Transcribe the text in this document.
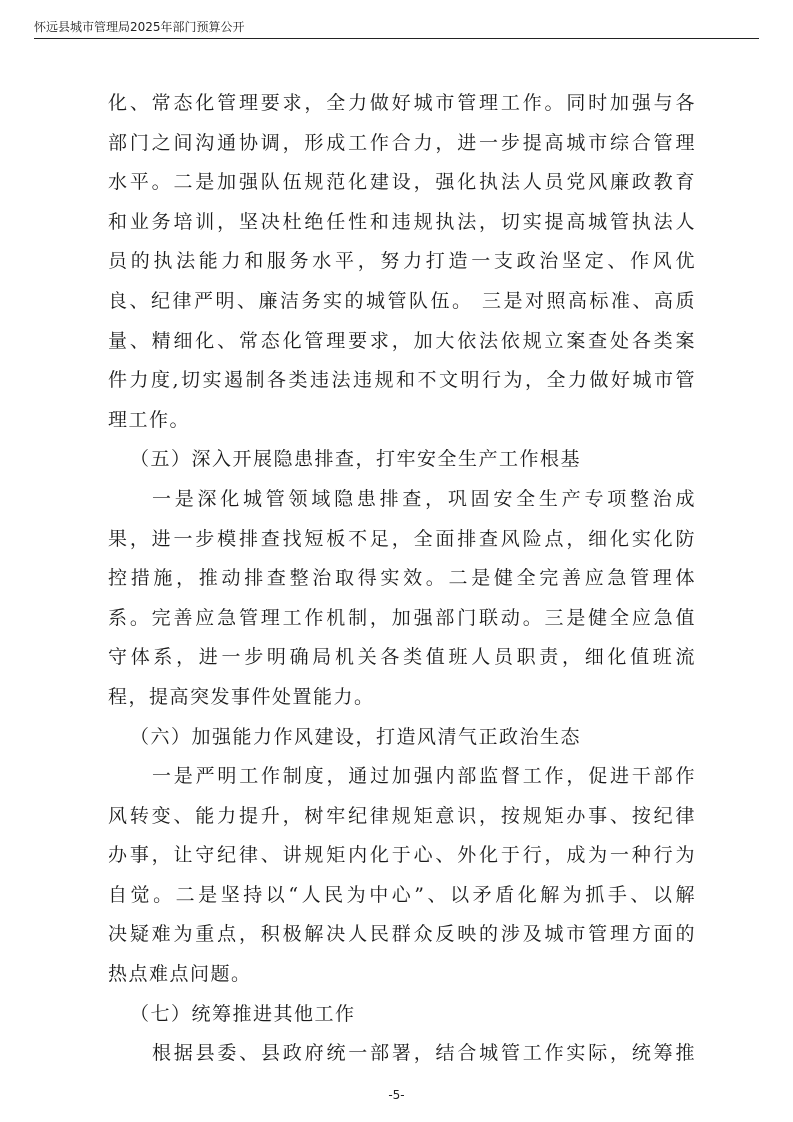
怀远县城市管理局2025年部门预算公开
化、常态化管理要求，全力做好城市管理工作。同时加强与各
部门之间沟通协调，形成工作合力，进一步提高城市综合管理
水平。二是加强队伍规范化建设，强化执法人员党风廉政教育
和业务培训，坚决杜绝任性和违规执法，切实提高城管执法人
员的执法能力和服务水平，努力打造一支政治坚定、作风优
良、纪律严明、廉洁务实的城管队伍。 三是对照高标准、高质
量、精细化、常态化管理要求，加大依法依规立案查处各类案
件力度,切实遏制各类违法违规和不文明行为，全力做好城市管
理工作。
（五）深入开展隐患排查，打牢安全生产工作根基
一是深化城管领域隐患排查，巩固安全生产专项整治成
果，进一步模排查找短板不足，全面排查风险点，细化实化防
控措施，推动排查整治取得实效。二是健全完善应急管理体
系。完善应急管理工作机制，加强部门联动。三是健全应急值
守体系，进一步明确局机关各类值班人员职责，细化值班流
程，提高突发事件处置能力。
（六）加强能力作风建设，打造风清气正政治生态
一是严明工作制度，通过加强内部监督工作，促进干部作
风转变、能力提升，树牢纪律规矩意识，按规矩办事、按纪律
办事，让守纪律、讲规矩内化于心、外化于行，成为一种行为
自觉。二是坚持以“人民为中心”、以矛盾化解为抓手、以解
决疑难为重点，积极解决人民群众反映的涉及城市管理方面的
热点难点问题。
（七）统筹推进其他工作
根据县委、县政府统一部署，结合城管工作实际，统筹推
-5-
